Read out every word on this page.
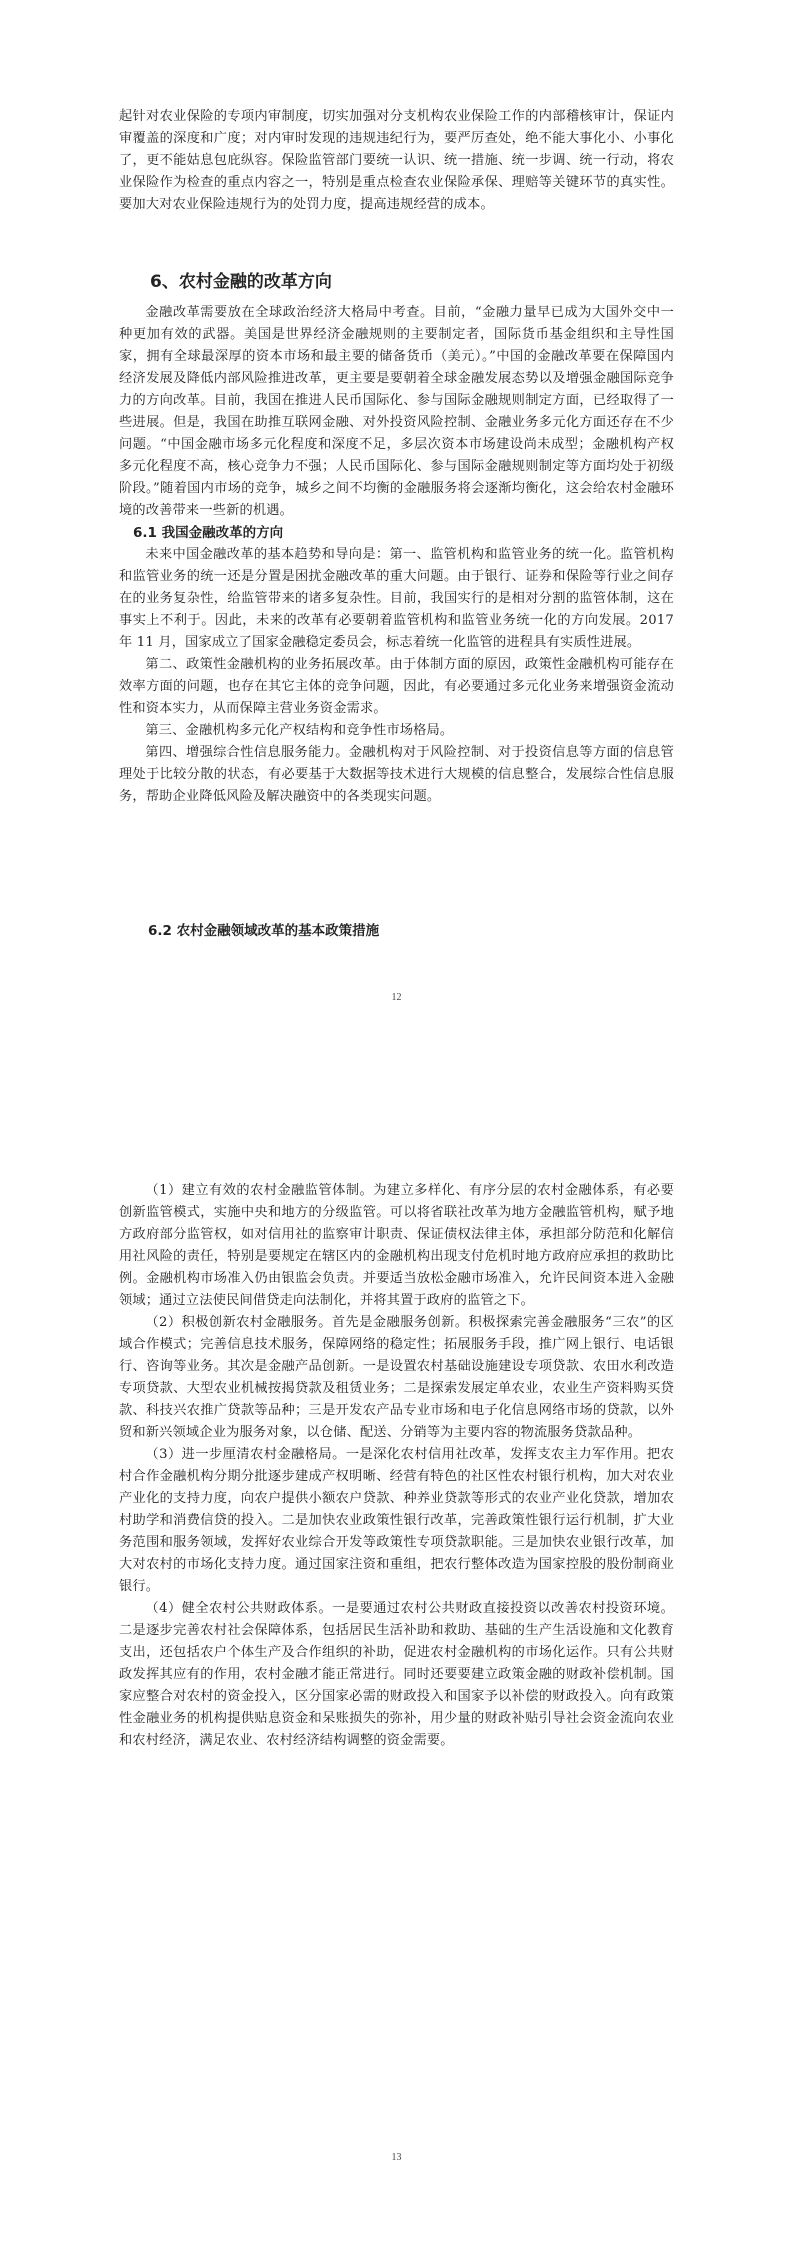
起针对农业保险的专项内审制度，切实加强对分支机构农业保险工作的内部稽核审计，保证内审覆盖的深度和广度；对内审时发现的违规违纪行为，要严厉查处，绝不能大事化小、小事化了，更不能姑息包庇纵容。保险监管部门要统一认识、统一措施、统一步调、统一行动，将农业保险作为检查的重点内容之一，特别是重点检查农业保险承保、理赔等关键环节的真实性。要加大对农业保险违规行为的处罚力度，提高违规经营的成本。

6、农村金融的改革方向

金融改革需要放在全球政治经济大格局中考查。目前，“金融力量早已成为大国外交中一种更加有效的武器。美国是世界经济金融规则的主要制定者，国际货币基金组织和主导性国家，拥有全球最深厚的资本市场和最主要的储备货币（美元）。”中国的金融改革要在保障国内经济发展及降低内部风险推进改革，更主要是要朝着全球金融发展态势以及增强金融国际竞争力的方向改革。目前，我国在推进人民币国际化、参与国际金融规则制定方面，已经取得了一些进展。但是，我国在助推互联网金融、对外投资风险控制、金融业务多元化方面还存在不少问题。“中国金融市场多元化程度和深度不足，多层次资本市场建设尚未成型；金融机构产权多元化程度不高，核心竞争力不强；人民币国际化、参与国际金融规则制定等方面均处于初级阶段。”随着国内市场的竞争，城乡之间不均衡的金融服务将会逐渐均衡化，这会给农村金融环境的改善带来一些新的机遇。

6.1 我国金融改革的方向

未来中国金融改革的基本趋势和导向是：第一、监管机构和监管业务的统一化。监管机构和监管业务的统一还是分置是困扰金融改革的重大问题。由于银行、证券和保险等行业之间存在的业务复杂性，给监管带来的诸多复杂性。目前，我国实行的是相对分割的监管体制，这在事实上不利于。因此，未来的改革有必要朝着监管机构和监管业务统一化的方向发展。2017 年 11 月，国家成立了国家金融稳定委员会，标志着统一化监管的进程具有实质性进展。

第二、政策性金融机构的业务拓展改革。由于体制方面的原因，政策性金融机构可能存在效率方面的问题，也存在其它主体的竞争问题，因此，有必要通过多元化业务来增强资金流动性和资本实力，从而保障主营业务资金需求。

第三、金融机构多元化产权结构和竞争性市场格局。

第四、增强综合性信息服务能力。金融机构对于风险控制、对于投资信息等方面的信息管理处于比较分散的状态，有必要基于大数据等技术进行大规模的信息整合，发展综合性信息服务，帮助企业降低风险及解决融资中的各类现实问题。

6.2 农村金融领域改革的基本政策措施

12

（1）建立有效的农村金融监管体制。为建立多样化、有序分层的农村金融体系，有必要创新监管模式，实施中央和地方的分级监管。可以将省联社改革为地方金融监管机构，赋予地方政府部分监管权，如对信用社的监察审计职责、保证债权法律主体，承担部分防范和化解信用社风险的责任，特别是要规定在辖区内的金融机构出现支付危机时地方政府应承担的救助比例。金融机构市场准入仍由银监会负责。并要适当放松金融市场准入，允许民间资本进入金融领域；通过立法使民间借贷走向法制化，并将其置于政府的监管之下。

（2）积极创新农村金融服务。首先是金融服务创新。积极探索完善金融服务“三农”的区域合作模式；完善信息技术服务，保障网络的稳定性；拓展服务手段，推广网上银行、电话银行、咨询等业务。其次是金融产品创新。一是设置农村基础设施建设专项贷款、农田水利改造专项贷款、大型农业机械按揭贷款及租赁业务；二是探索发展定单农业，农业生产资料购买贷款、科技兴农推广贷款等品种；三是开发农产品专业市场和电子化信息网络市场的贷款，以外贸和新兴领域企业为服务对象，以仓储、配送、分销等为主要内容的物流服务贷款品种。

（3）进一步厘清农村金融格局。一是深化农村信用社改革，发挥支农主力军作用。把农村合作金融机构分期分批逐步建成产权明晰、经营有特色的社区性农村银行机构，加大对农业产业化的支持力度，向农户提供小额农户贷款、种养业贷款等形式的农业产业化贷款，增加农村助学和消费信贷的投入。二是加快农业政策性银行改革，完善政策性银行运行机制，扩大业务范围和服务领域，发挥好农业综合开发等政策性专项贷款职能。三是加快农业银行改革，加大对农村的市场化支持力度。通过国家注资和重组，把农行整体改造为国家控股的股份制商业银行。

（4）健全农村公共财政体系。一是要通过农村公共财政直接投资以改善农村投资环境。二是逐步完善农村社会保障体系，包括居民生活补助和救助、基础的生产生活设施和文化教育支出，还包括农户个体生产及合作组织的补助，促进农村金融机构的市场化运作。只有公共财政发挥其应有的作用，农村金融才能正常进行。同时还要要建立政策金融的财政补偿机制。国家应整合对农村的资金投入，区分国家必需的财政投入和国家予以补偿的财政投入。向有政策性金融业务的机构提供贴息资金和呆账损失的弥补，用少量的财政补贴引导社会资金流向农业和农村经济，满足农业、农村经济结构调整的资金需要。

13
